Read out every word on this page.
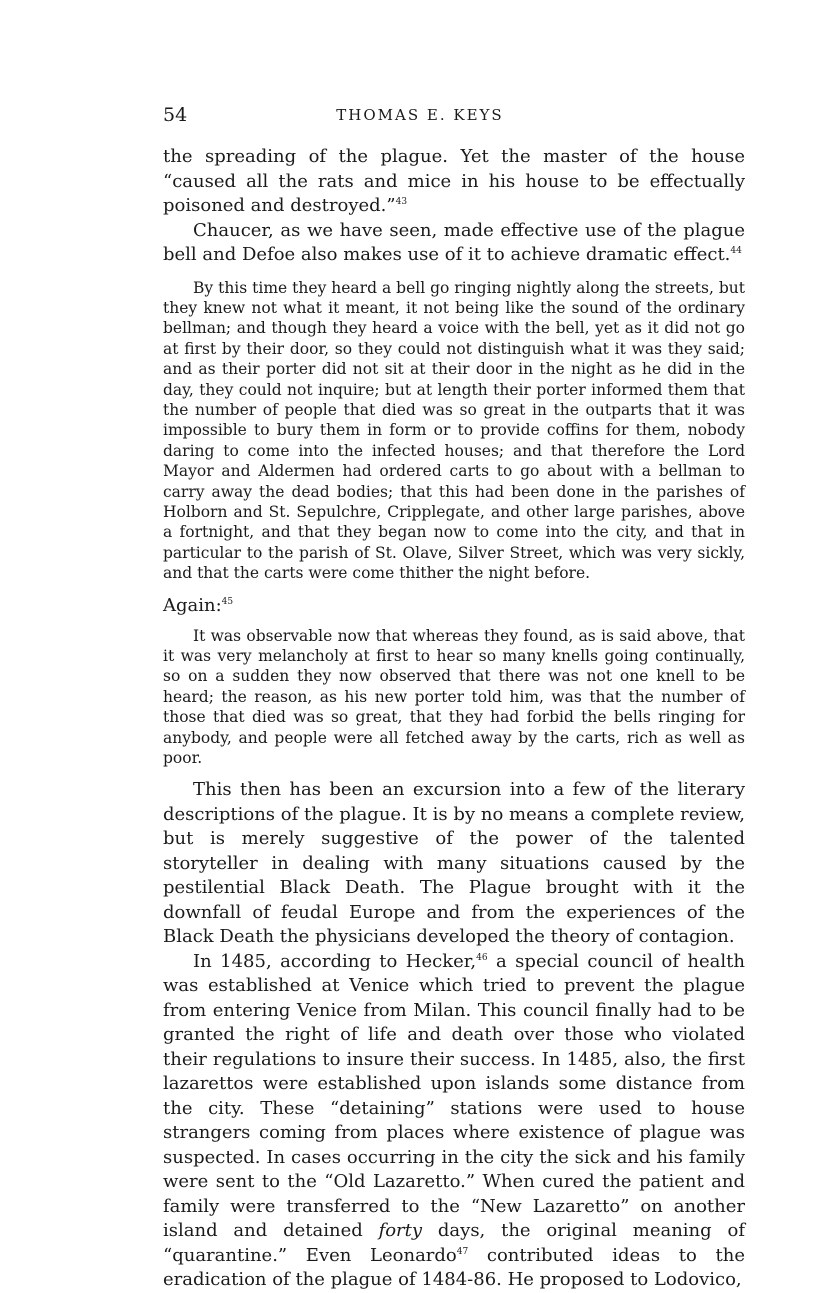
54	THOMAS E. KEYS

the spreading of the plague. Yet the master of the house “caused all the rats and mice in his house to be effectually poisoned and destroyed.”$^{43}$

Chaucer, as we have seen, made effective use of the plague bell and Defoe also makes use of it to achieve dramatic effect.$^{44}$

By this time they heard a bell go ringing nightly along the streets, but they knew not what it meant, it not being like the sound of the ordinary bellman; and though they heard a voice with the bell, yet as it did not go at first by their door, so they could not distinguish what it was they said; and as their porter did not sit at their door in the night as he did in the day, they could not inquire; but at length their porter informed them that the number of people that died was so great in the outparts that it was impossible to bury them in form or to provide coffins for them, nobody daring to come into the infected houses; and that therefore the Lord Mayor and Aldermen had ordered carts to go about with a bellman to carry away the dead bodies; that this had been done in the parishes of Holborn and St. Sepulchre, Cripplegate, and other large parishes, above a fortnight, and that they began now to come into the city, and that in particular to the parish of St. Olave, Silver Street, which was very sickly, and that the carts were come thither the night before.

Again:$^{45}$

It was observable now that whereas they found, as is said above, that it was very melancholy at first to hear so many knells going continually, so on a sudden they now observed that there was not one knell to be heard; the reason, as his new porter told him, was that the number of those that died was so great, that they had forbid the bells ringing for anybody, and people were all fetched away by the carts, rich as well as poor.

This then has been an excursion into a few of the literary descriptions of the plague. It is by no means a complete review, but is merely suggestive of the power of the talented storyteller in dealing with many situations caused by the pestilential Black Death. The Plague brought with it the downfall of feudal Europe and from the experiences of the Black Death the physicians developed the theory of contagion.

In 1485, according to Hecker,$^{46}$ a special council of health was established at Venice which tried to prevent the plague from entering Venice from Milan. This council finally had to be granted the right of life and death over those who violated their regulations to insure their success. In 1485, also, the first lazarettos were established upon islands some distance from the city. These “detaining” stations were used to house strangers coming from places where existence of plague was suspected. In cases occurring in the city the sick and his family were sent to the “Old Lazaretto.” When cured the patient and family were transferred to the “New Lazaretto” on another island and detained forty days, the original meaning of “quarantine.” Even Leonardo$^{47}$ contributed ideas to the eradication of the plague of 1484-86. He proposed to Lodovico,
